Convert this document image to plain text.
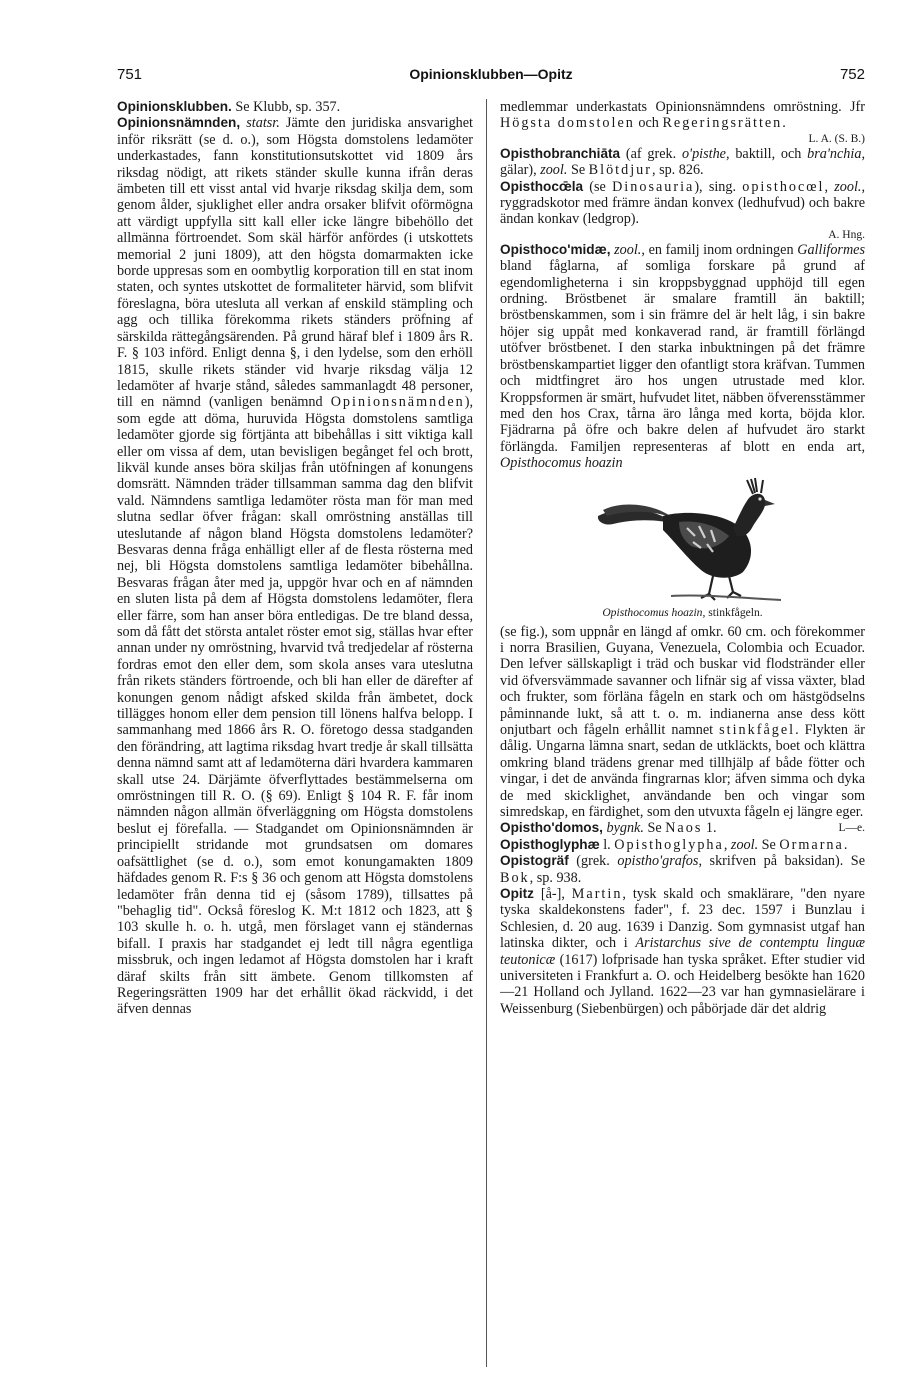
751	Opinionsklubben—Opitz	752

Opinionsklubben. Se Klubb, sp. 357.

Opinionsnämnden, statsr. Jämte den juridiska ansvarighet inför riksrätt (se d. o.), som Högsta domstolens ledamöter underkastades, fann konstitutionsutskottet vid 1809 års riksdag nödigt, att rikets ständer skulle kunna ifrån deras ämbeten till ett visst antal vid hvarje riksdag skilja dem, som genom ålder, sjuklighet eller andra orsaker blifvit oförmögna att värdigt uppfylla sitt kall eller icke längre bibehöllo det allmänna förtroendet. Som skäl härför anfördes (i utskottets memorial 2 juni 1809), att den högsta domarmakten icke borde uppresas som en oombytlig korporation till en stat inom staten, och syntes utskottet de formaliteter härvid, som blifvit föreslagna, böra utesluta all verkan af enskild stämpling och agg och tillika förekomma rikets ständers pröfning af särskilda rättegångsärenden. På grund häraf blef i 1809 års R. F. § 103 införd. Enligt denna §, i den lydelse, som den erhöll 1815, skulle rikets ständer vid hvarje riksdag välja 12 ledamöter af hvarje stånd, således sammanlagdt 48 personer, till en nämnd (vanligen benämnd Opinionsnämnden), som egde att döma, huruvida Högsta domstolens samtliga ledamöter gjorde sig förtjänta att bibehållas i sitt viktiga kall eller om vissa af dem, utan bevisligen begånget fel och brott, likväl kunde anses böra skiljas från utöfningen af konungens domsrätt. Nämnden träder tillsamman samma dag den blifvit vald. Nämndens samtliga ledamöter rösta man för man med slutna sedlar öfver frågan: skall omröstning anställas till uteslutande af någon bland Högsta domstolens ledamöter? Besvaras denna fråga enhälligt eller af de flesta rösterna med nej, bli Högsta domstolens samtliga ledamöter bibehållna. Besvaras frågan åter med ja, uppgör hvar och en af nämnden en sluten lista på dem af Högsta domstolens ledamöter, flera eller färre, som han anser böra entledigas. De tre bland dessa, som då fått det största antalet röster emot sig, ställas hvar efter annan under ny omröstning, hvarvid två tredjedelar af rösterna fordras emot den eller dem, som skola anses vara uteslutna från rikets ständers förtroende, och bli han eller de därefter af konungen genom nådigt afsked skilda från ämbetet, dock tillägges honom eller dem pension till lönens halfva belopp. I sammanhang med 1866 års R. O. företogo dessa stadganden den förändring, att lagtima riksdag hvart tredje år skall tillsätta denna nämnd samt att af ledamöterna däri hvardera kammaren skall utse 24. Därjämte öfverflyttades bestämmelserna om omröstningen till R. O. (§ 69). Enligt § 104 R. F. får inom nämnden någon allmän öfverläggning om Högsta domstolens beslut ej förefalla. — Stadgandet om Opinionsnämnden är principiellt stridande mot grundsatsen om domares oafsättlighet (se d. o.), som emot konungamakten 1809 häfdades genom R. F:s § 36 och genom att Högsta domstolens ledamöter från denna tid ej (såsom 1789), tillsattes på "behaglig tid". Också föreslog K. M:t 1812 och 1823, att § 103 skulle h. o. h. utgå, men förslaget vann ej ständernas bifall. I praxis har stadgandet ej ledt till några egentliga missbruk, och ingen ledamot af Högsta domstolen har i kraft däraf skilts från sitt ämbete. Genom tillkomsten af Regeringsrätten 1909 har det erhållit ökad räckvidd, i det äfven dennas

medlemmar underkastats Opinionsnämndens omröstning. Jfr Högsta domstolen och Regeringsrätten.
L. A. (S. B.)

Opisthobranchiāta (af grek. o'pisthe, baktill, och bra'nchia, gälar), zool. Se Blötdjur, sp. 826.

Opisthocœ̄la (se Dinosauria), sing. opisthocœl, zool., ryggradskotor med främre ändan konvex (ledhufvud) och bakre ändan konkav (ledgrop).
A. Hng.

Opisthoco'midæ, zool., en familj inom ordningen Galliformes bland fåglarna, af somliga forskare på grund af egendomligheterna i sin kroppsbyggnad upphöjd till egen ordning. Bröstbenet är smalare framtill än baktill; bröstbenskammen, som i sin främre del är helt låg, i sin bakre höjer sig uppåt med konkaverad rand, är framtill förlängd utöfver bröstbenet. I den starka inbuktningen på det främre bröstbenskampartiet ligger den ofantligt stora kräfvan. Tummen och midtfingret äro hos ungen utrustade med klor. Kroppsformen är smärt, hufvudet litet, näbben öfverensstämmer med den hos Crax, tårna äro långa med korta, böjda klor. Fjädrarna på öfre och bakre delen af hufvudet äro starkt förlängda. Familjen representeras af blott en enda art, Opisthocomus hoazin

Opisthocomus hoazin, stinkfågeln.

(se fig.), som uppnår en längd af omkr. 60 cm. och förekommer i norra Brasilien, Guyana, Venezuela, Colombia och Ecuador. Den lefver sällskapligt i träd och buskar vid flodstränder eller vid öfversvämmade savanner och lifnär sig af vissa växter, blad och frukter, som förläna fågeln en stark och om hästgödselns påminnande lukt, så att t. o. m. indianerna anse dess kött onjutbart och fågeln erhållit namnet stinkfågel. Flykten är dålig. Ungarna lämna snart, sedan de utkläckts, boet och klättra omkring bland trädens grenar med tillhjälp af både fötter och vingar, i det de använda fingrarnas klor; äfven simma och dyka de med skicklighet, användande ben och vingar som simredskap, en färdighet, som den utvuxta fågeln ej längre eger.
L—e.

Opistho'domos, bygnk. Se Naos 1.

Opisthoglyphæ l. Opisthoglypha, zool. Se Ormarna.

Opistogräf (grek. opistho'grafos, skrifven på baksidan). Se Bok, sp. 938.

Opitz [å-], Martin, tysk skald och smaklärare, "den nyare tyska skaldekonstens fader", f. 23 dec. 1597 i Bunzlau i Schlesien, d. 20 aug. 1639 i Danzig. Som gymnasist utgaf han latinska dikter, och i Aristarchus sive de contemptu linguæ teutonicæ (1617) lofprisade han tyska språket. Efter studier vid universiteten i Frankfurt a. O. och Heidelberg besökte han 1620—21 Holland och Jylland. 1622—23 var han gymnasielärare i Weissenburg (Siebenbürgen) och påbörjade där det aldrig
